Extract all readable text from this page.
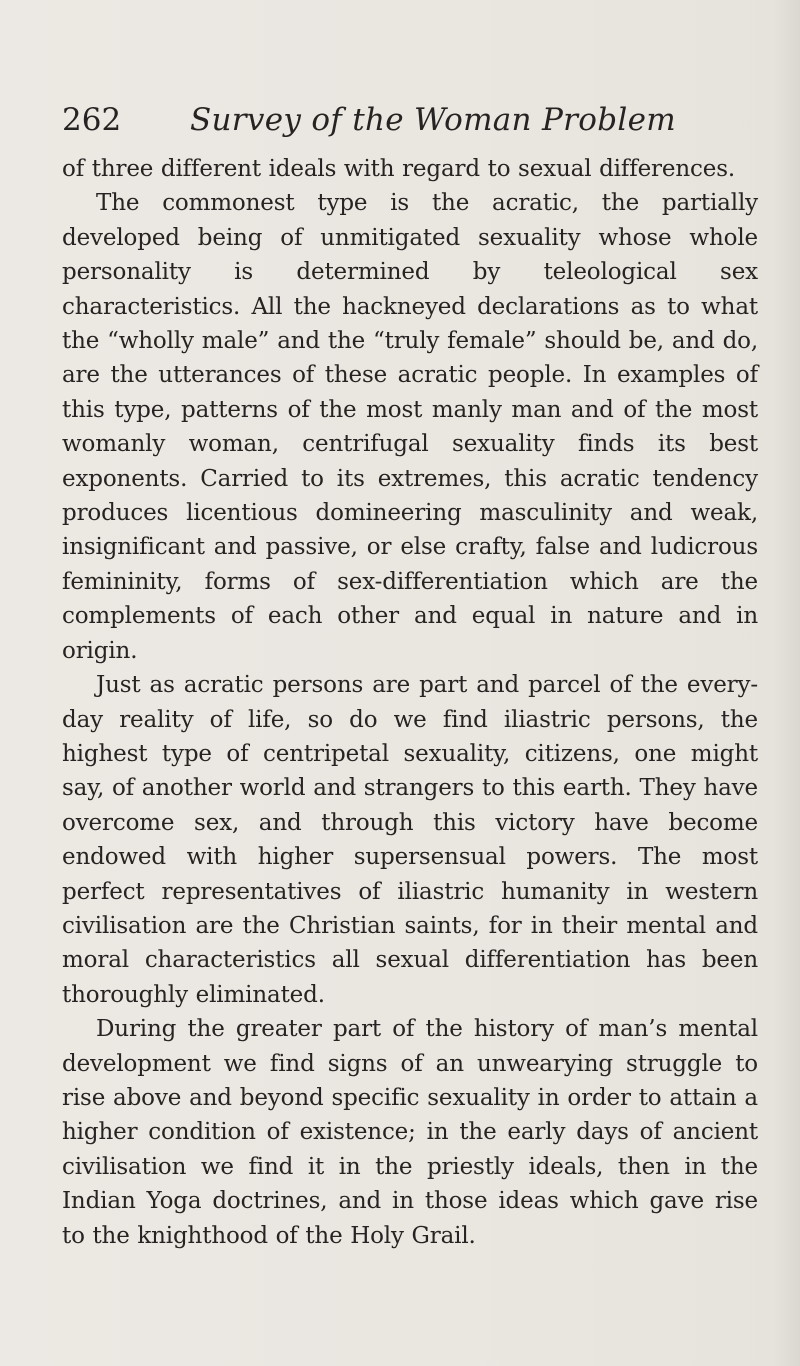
262	Survey of the Woman Problem

of three different ideals with regard to sexual differences.

The commonest type is the acratic, the partially developed being of unmitigated sexuality whose whole personality is determined by teleological sex characteristics. All the hackneyed declarations as to what the “wholly male” and the “truly female” should be, and do, are the utterances of these acratic people. In examples of this type, patterns of the most manly man and of the most womanly woman, centrifugal sexuality finds its best exponents. Carried to its extremes, this acratic tendency produces licentious domineering masculinity and weak, insignificant and passive, or else crafty, false and ludicrous femininity, forms of sex-differentiation which are the complements of each other and equal in nature and in origin.

Just as acratic persons are part and parcel of the every-day reality of life, so do we find iliastric persons, the highest type of centripetal sexuality, citizens, one might say, of another world and strangers to this earth. They have overcome sex, and through this victory have become endowed with higher supersensual powers. The most perfect representatives of iliastric humanity in western civilisation are the Christian saints, for in their mental and moral characteristics all sexual differentiation has been thoroughly eliminated.

During the greater part of the history of man’s mental development we find signs of an unwearying struggle to rise above and beyond specific sexuality in order to attain a higher condition of existence; in the early days of ancient civilisation we find it in the priestly ideals, then in the Indian Yoga doctrines, and in those ideas which gave rise to the knighthood of the Holy Grail.
